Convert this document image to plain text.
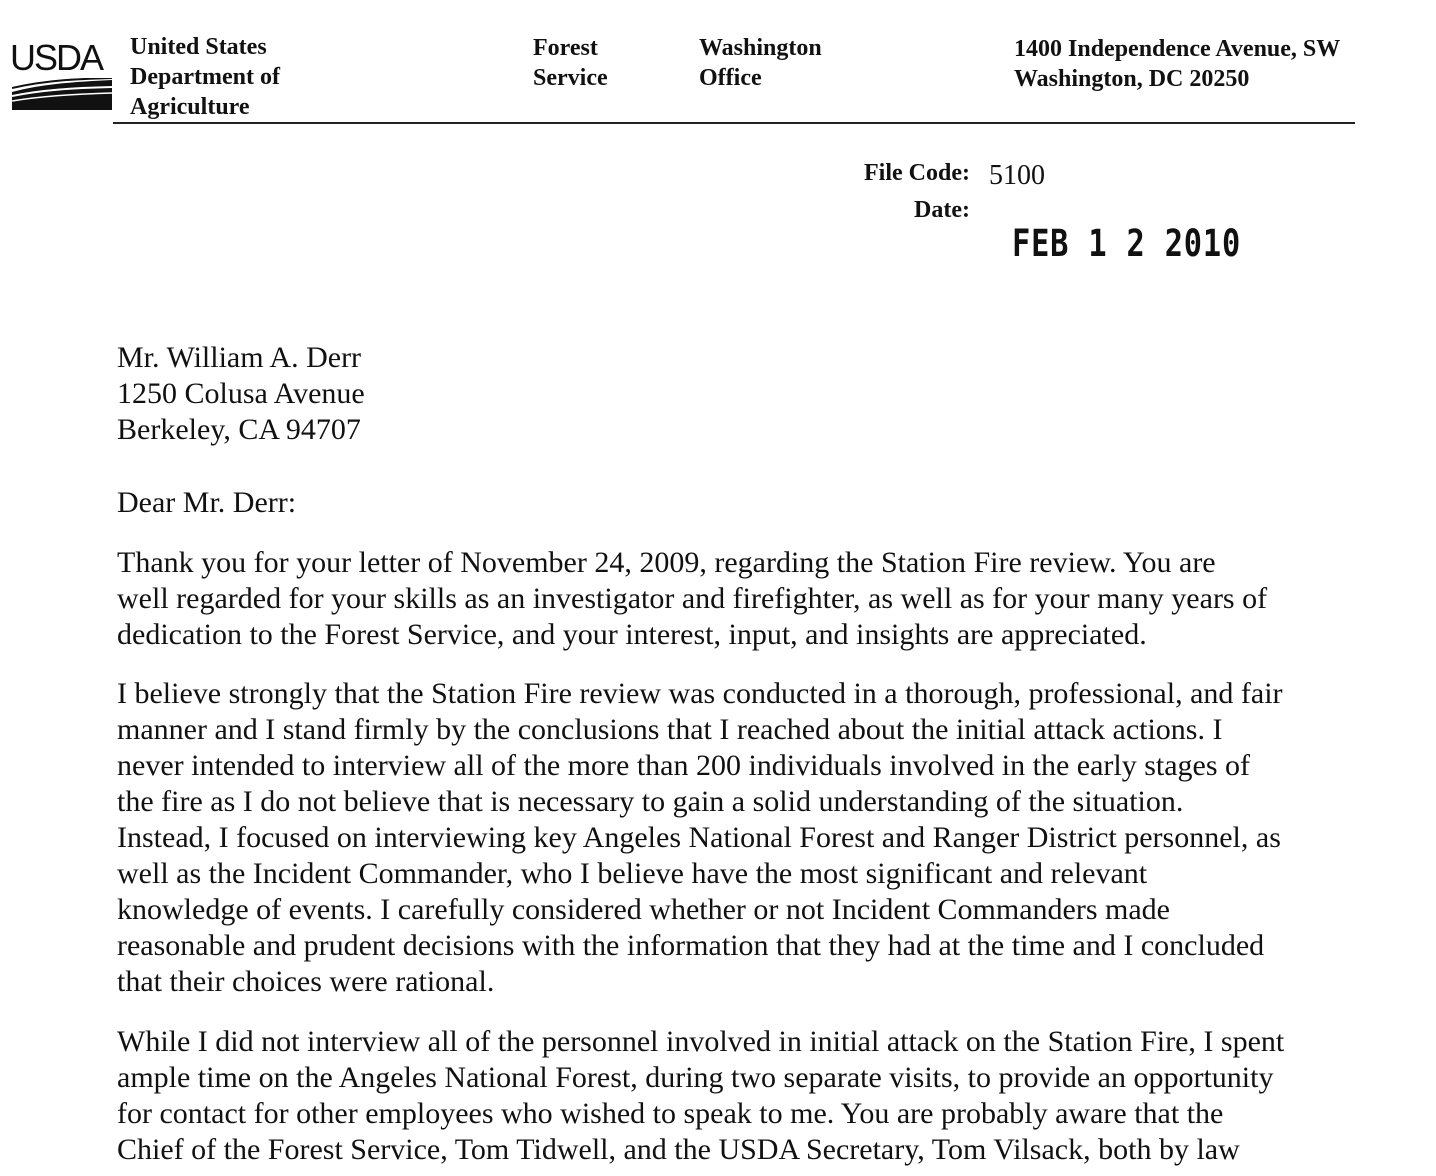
USDA	United States
Department of
Agriculture
Forest
Service
Washington
Office
1400 Independence Avenue, SW
Washington, DC 20250
File Code: 5100
Date:
FEB 1 2 2010
Mr. William A. Derr
1250 Colusa Avenue
Berkeley, CA 94707
Dear Mr. Derr:
Thank you for your letter of November 24, 2009, regarding the Station Fire review. You are
well regarded for your skills as an investigator and firefighter, as well as for your many years of
dedication to the Forest Service, and your interest, input, and insights are appreciated.
I believe strongly that the Station Fire review was conducted in a thorough, professional, and fair
manner and I stand firmly by the conclusions that I reached about the initial attack actions. I
never intended to interview all of the more than 200 individuals involved in the early stages of
the fire as I do not believe that is necessary to gain a solid understanding of the situation.
Instead, I focused on interviewing key Angeles National Forest and Ranger District personnel, as
well as the Incident Commander, who I believe have the most significant and relevant
knowledge of events. I carefully considered whether or not Incident Commanders made
reasonable and prudent decisions with the information that they had at the time and I concluded
that their choices were rational.
While I did not interview all of the personnel involved in initial attack on the Station Fire, I spent
ample time on the Angeles National Forest, during two separate visits, to provide an opportunity
for contact for other employees who wished to speak to me. You are probably aware that the
Chief of the Forest Service, Tom Tidwell, and the USDA Secretary, Tom Vilsack, both by law
